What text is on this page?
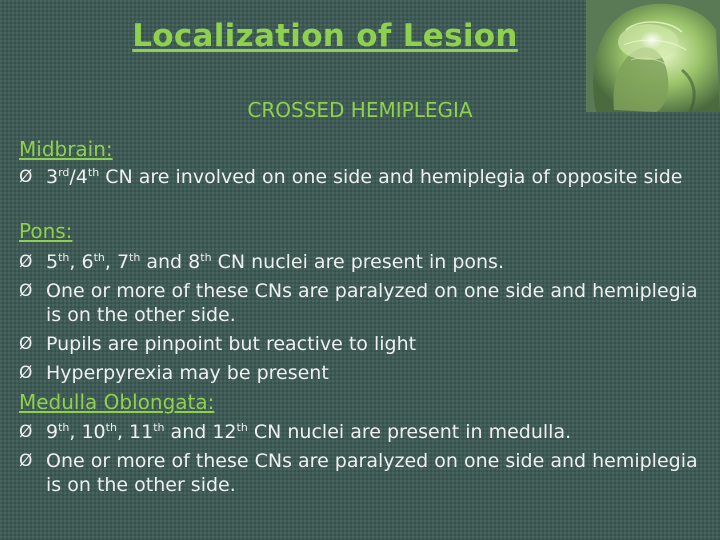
Localization of Lesion
CROSSED HEMIPLEGIA
Midbrain:
Ø 3rd/4th CN are involved on one side and hemiplegia of opposite side
Pons:
Ø 5th, 6th, 7th and 8th CN nuclei are present in pons.
Ø One or more of these CNs are paralyzed on one side and hemiplegia is on the other side.
Ø Pupils are pinpoint but reactive to light
Ø Hyperpyrexia may be present
Medulla Oblongata:
Ø 9th, 10th, 11th and 12th CN nuclei are present in medulla.
Ø One or more of these CNs are paralyzed on one side and hemiplegia is on the other side.
